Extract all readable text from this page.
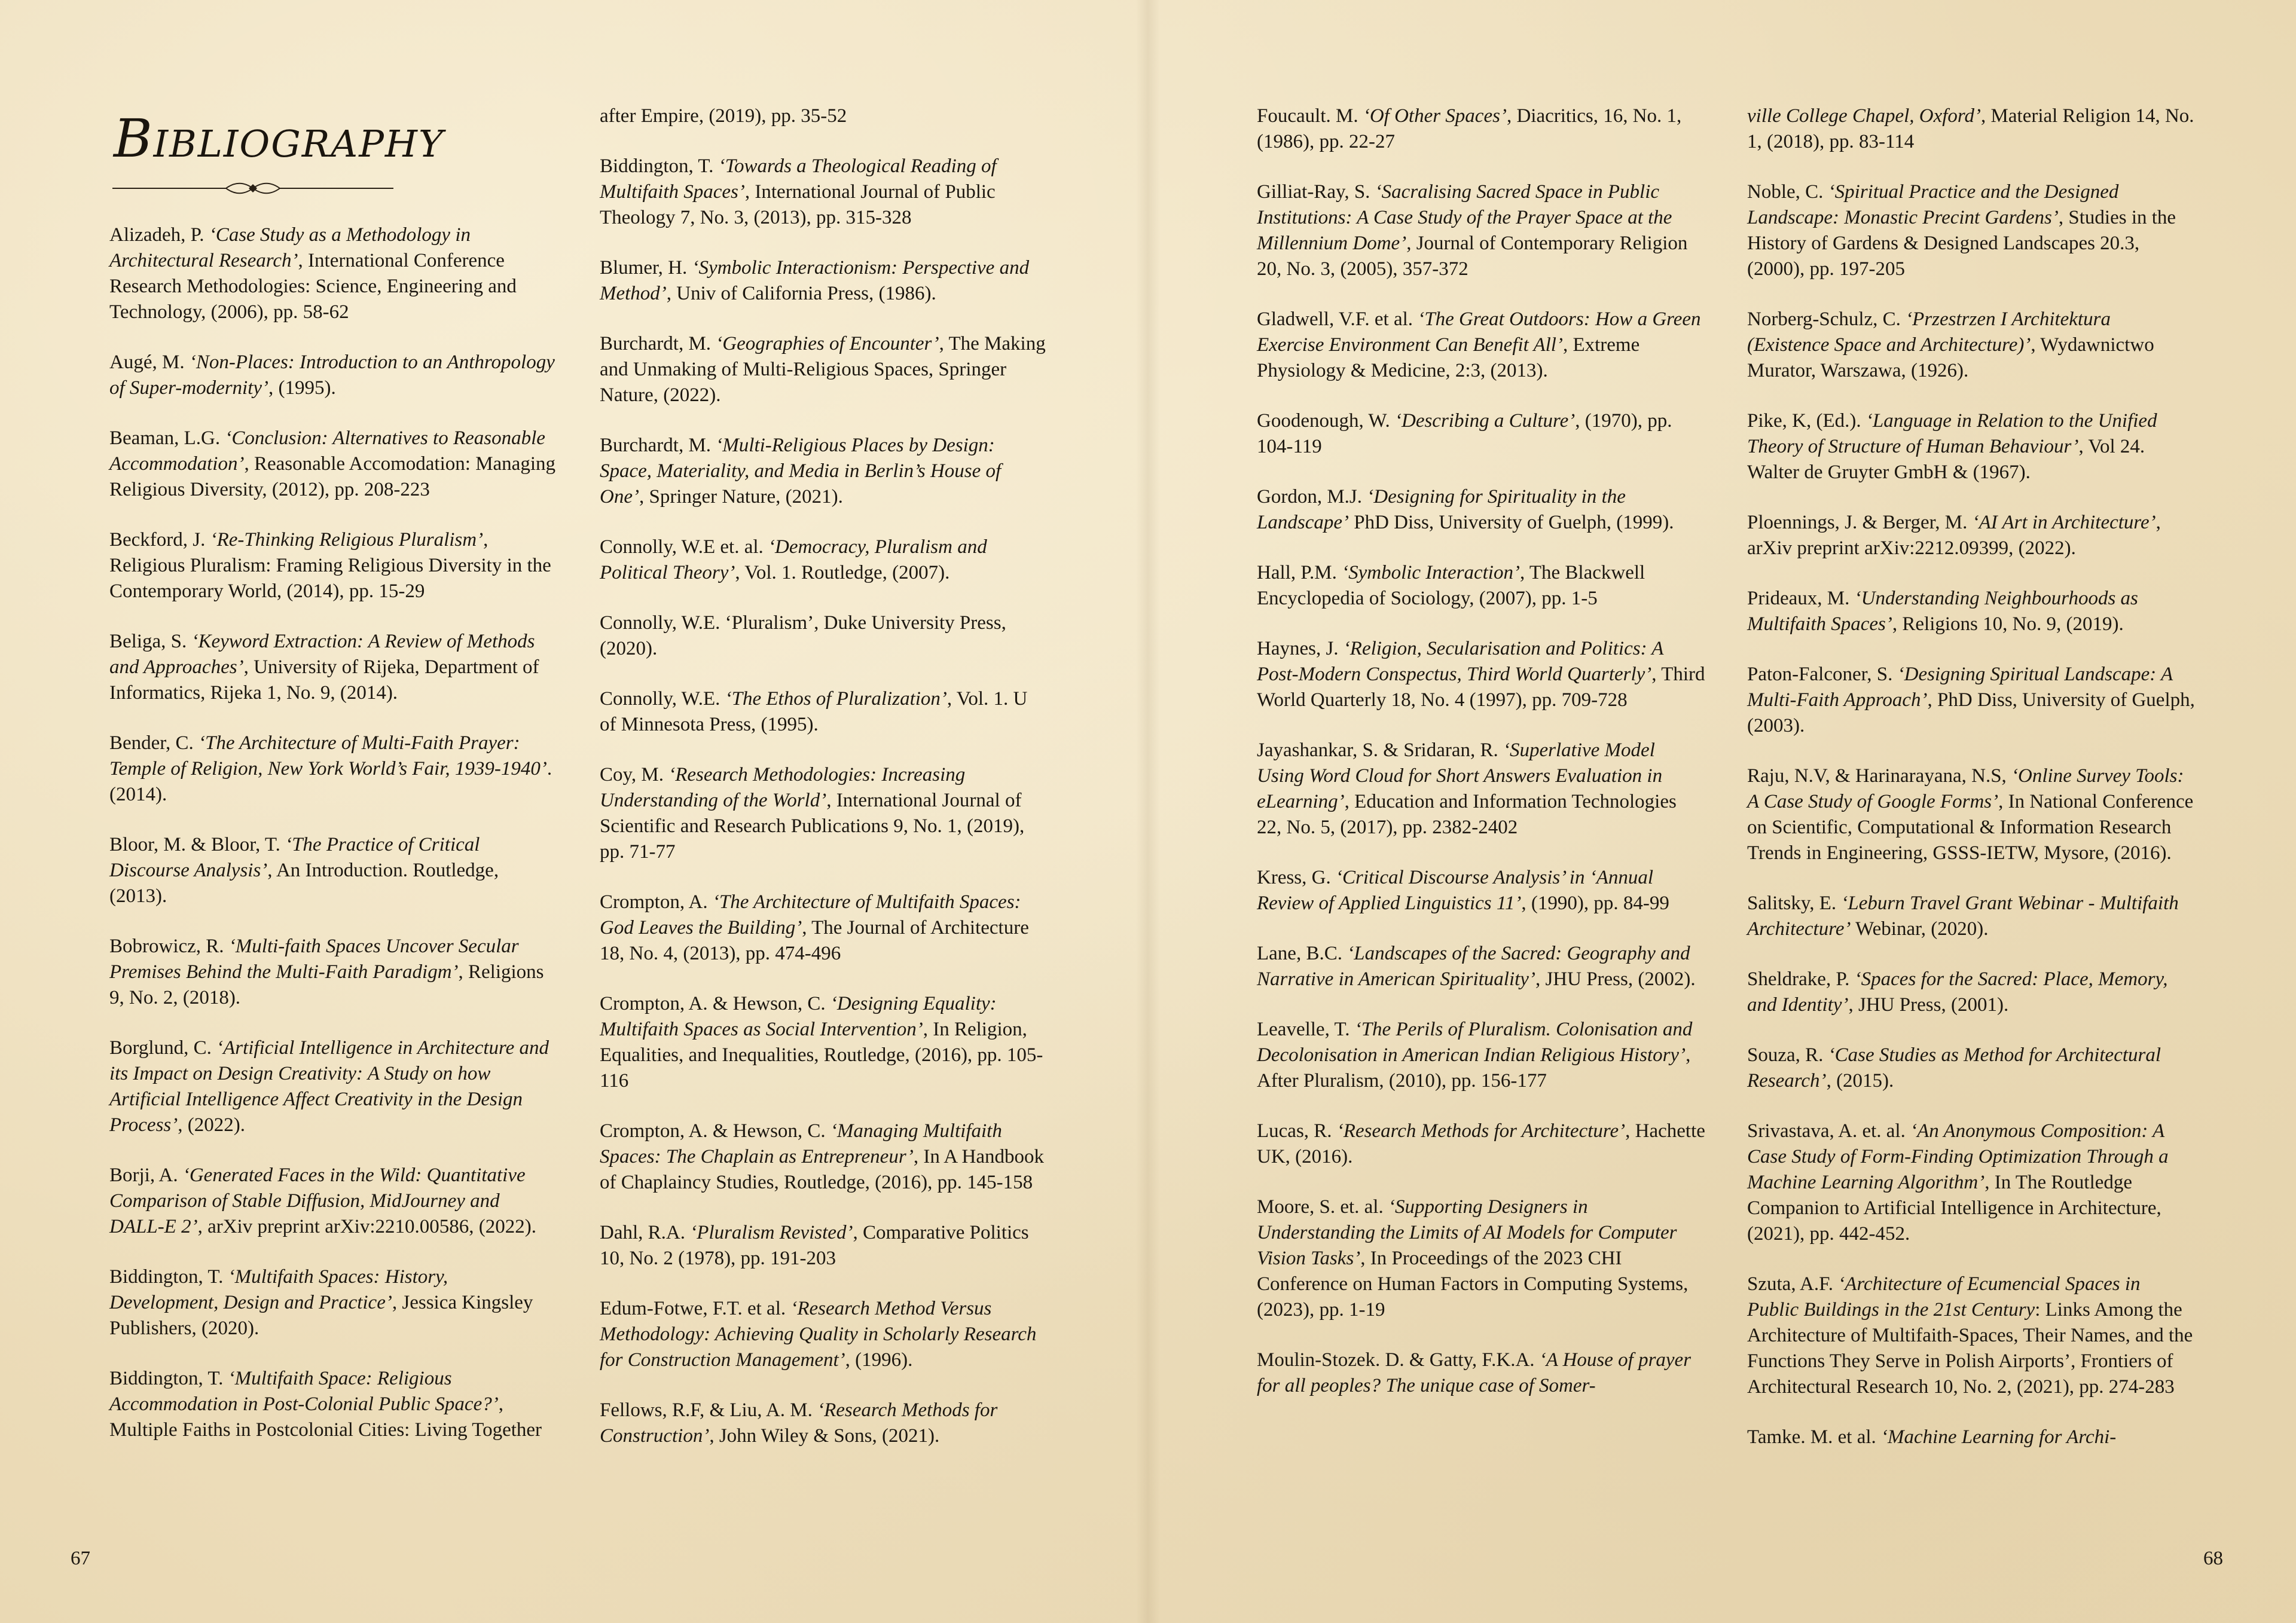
Bibliography

Alizadeh, P. ‘Case Study as a Methodology in Architectural Research’, International Conference Research Methodologies: Science, Engineering and Technology, (2006), pp. 58-62

Augé, M. ‘Non-Places: Introduction to an Anthropology of Super-modernity’, (1995).

Beaman, L.G. ‘Conclusion: Alternatives to Reasonable Accommodation’, Reasonable Accomodation: Managing Religious Diversity, (2012), pp. 208-223

Beckford, J. ‘Re-Thinking Religious Pluralism’, Religious Pluralism: Framing Religious Diversity in the Contemporary World, (2014), pp. 15-29

Beliga, S. ‘Keyword Extraction: A Review of Methods and Approaches’, University of Rijeka, Department of Informatics, Rijeka 1, No. 9, (2014).

Bender, C. ‘The Architecture of Multi-Faith Prayer: Temple of Religion, New York World’s Fair, 1939-1940’. (2014).

Bloor, M. & Bloor, T. ‘The Practice of Critical Discourse Analysis’, An Introduction. Routledge, (2013).

Bobrowicz, R. ‘Multi-faith Spaces Uncover Secular Premises Behind the Multi-Faith Paradigm’, Religions 9, No. 2, (2018).

Borglund, C. ‘Artificial Intelligence in Architecture and its Impact on Design Creativity: A Study on how Artificial Intelligence Affect Creativity in the Design Process’, (2022).

Borji, A. ‘Generated Faces in the Wild: Quantitative Comparison of Stable Diffusion, MidJourney and DALL-E 2’, arXiv preprint arXiv:2210.00586, (2022).

Biddington, T. ‘Multifaith Spaces: History, Development, Design and Practice’, Jessica Kingsley Publishers, (2020).

Biddington, T. ‘Multifaith Space: Religious Accommodation in Post-Colonial Public Space?’, Multiple Faiths in Postcolonial Cities: Living Together

after Empire, (2019), pp. 35-52

Biddington, T. ‘Towards a Theological Reading of Multifaith Spaces’, International Journal of Public Theology 7, No. 3, (2013), pp. 315-328

Blumer, H. ‘Symbolic Interactionism: Perspective and Method’, Univ of California Press, (1986).

Burchardt, M. ‘Geographies of Encounter’, The Making and Unmaking of Multi-Religious Spaces, Springer Nature, (2022).

Burchardt, M. ‘Multi-Religious Places by Design: Space, Materiality, and Media in Berlin’s House of One’, Springer Nature, (2021).

Connolly, W.E et. al. ‘Democracy, Pluralism and Political Theory’, Vol. 1. Routledge, (2007).

Connolly, W.E. ‘Pluralism’, Duke University Press, (2020).

Connolly, W.E. ‘The Ethos of Pluralization’, Vol. 1. U of Minnesota Press, (1995).

Coy, M. ‘Research Methodologies: Increasing Understanding of the World’, International Journal of Scientific and Research Publications 9, No. 1, (2019), pp. 71-77

Crompton, A. ‘The Architecture of Multifaith Spaces: God Leaves the Building’, The Journal of Architecture 18, No. 4, (2013), pp. 474-496

Crompton, A. & Hewson, C. ‘Designing Equality: Multifaith Spaces as Social Intervention’, In Religion, Equalities, and Inequalities, Routledge, (2016), pp. 105-116

Crompton, A. & Hewson, C. ‘Managing Multifaith Spaces: The Chaplain as Entrepreneur’, In A Handbook of Chaplaincy Studies, Routledge, (2016), pp. 145-158

Dahl, R.A. ‘Pluralism Revisted’, Comparative Politics 10, No. 2 (1978), pp. 191-203

Edum-Fotwe, F.T. et al. ‘Research Method Versus Methodology: Achieving Quality in Scholarly Research for Construction Management’, (1996).

Fellows, R.F, & Liu, A. M. ‘Research Methods for Construction’, John Wiley & Sons, (2021).

Foucault. M. ‘Of Other Spaces’, Diacritics, 16, No. 1, (1986), pp. 22-27

Gilliat-Ray, S. ‘Sacralising Sacred Space in Public Institutions: A Case Study of the Prayer Space at the Millennium Dome’, Journal of Contemporary Religion 20, No. 3, (2005), 357-372

Gladwell, V.F. et al. ‘The Great Outdoors: How a Green Exercise Environment Can Benefit All’, Extreme Physiology & Medicine, 2:3, (2013).

Goodenough, W. ‘Describing a Culture’, (1970), pp. 104-119

Gordon, M.J. ‘Designing for Spirituality in the Landscape’ PhD Diss, University of Guelph, (1999).

Hall, P.M. ‘Symbolic Interaction’, The Blackwell Encyclopedia of Sociology, (2007), pp. 1-5

Haynes, J. ‘Religion, Secularisation and Politics: A Post-Modern Conspectus, Third World Quarterly’, Third World Quarterly 18, No. 4 (1997), pp. 709-728

Jayashankar, S. & Sridaran, R. ‘Superlative Model Using Word Cloud for Short Answers Evaluation in eLearning’, Education and Information Technologies 22, No. 5, (2017), pp. 2382-2402

Kress, G. ‘Critical Discourse Analysis’ in ‘Annual Review of Applied Linguistics 11’, (1990), pp. 84-99

Lane, B.C. ‘Landscapes of the Sacred: Geography and Narrative in American Spirituality’, JHU Press, (2002).

Leavelle, T. ‘The Perils of Pluralism. Colonisation and Decolonisation in American Indian Religious History’, After Pluralism, (2010), pp. 156-177

Lucas, R. ‘Research Methods for Architecture’, Hachette UK, (2016).

Moore, S. et. al. ‘Supporting Designers in Understanding the Limits of AI Models for Computer Vision Tasks’, In Proceedings of the 2023 CHI Conference on Human Factors in Computing Systems, (2023), pp. 1-19

Moulin-Stozek. D. & Gatty, F.K.A. ‘A House of prayer for all peoples? The unique case of Somer-

ville College Chapel, Oxford’, Material Religion 14, No. 1, (2018), pp. 83-114

Noble, C. ‘Spiritual Practice and the Designed Landscape: Monastic Precint Gardens’, Studies in the History of Gardens & Designed Landscapes 20.3, (2000), pp. 197-205

Norberg-Schulz, C. ‘Przestrzen I Architektura (Existence Space and Architecture)’, Wydawnictwo Murator, Warszawa, (1926).

Pike, K, (Ed.). ‘Language in Relation to the Unified Theory of Structure of Human Behaviour’, Vol 24. Walter de Gruyter GmbH & (1967).

Ploennings, J. & Berger, M. ‘AI Art in Architecture’, arXiv preprint arXiv:2212.09399, (2022).

Prideaux, M. ‘Understanding Neighbourhoods as Multifaith Spaces’, Religions 10, No. 9, (2019).

Paton-Falconer, S. ‘Designing Spiritual Landscape: A Multi-Faith Approach’, PhD Diss, University of Guelph, (2003).

Raju, N.V, & Harinarayana, N.S, ‘Online Survey Tools: A Case Study of Google Forms’, In National Conference on Scientific, Computational & Information Research Trends in Engineering, GSSS-IETW, Mysore, (2016).

Salitsky, E. ‘Leburn Travel Grant Webinar - Multifaith Architecture’ Webinar, (2020).

Sheldrake, P. ‘Spaces for the Sacred: Place, Memory, and Identity’, JHU Press, (2001).

Souza, R. ‘Case Studies as Method for Architectural Research’, (2015).

Srivastava, A. et. al. ‘An Anonymous Composition: A Case Study of Form-Finding Optimization Through a Machine Learning Algorithm’, In The Routledge Companion to Artificial Intelligence in Architecture, (2021), pp. 442-452.

Szuta, A.F. ‘Architecture of Ecumencial Spaces in Public Buildings in the 21st Century: Links Among the Architecture of Multifaith-Spaces, Their Names, and the Functions They Serve in Polish Airports’, Frontiers of Architectural Research 10, No. 2, (2021), pp. 274-283

Tamke. M. et al. ‘Machine Learning for Archi-

67	68
